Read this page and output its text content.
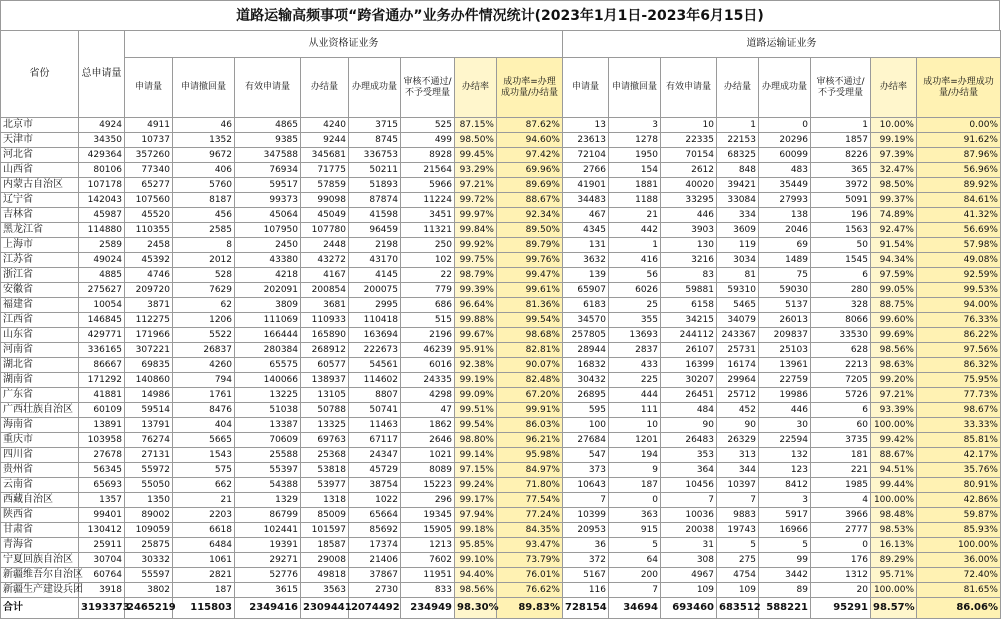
道路运输高频事项“跨省通办”业务办件情况统计(2023年1月1日-2023年6月15日)
省份	总申请量	从业资格证业务								道路运输证业务							
		申请量	申请撤回量	有效申请量	办结量	办理成功量	审核不通过/不予受理量	办结率	成功率=办理成功量/办结量	申请量	申请撤回量	有效申请量	办结量	办理成功量	审核不通过/不予受理量	办结率	成功率=办理成功量/办结量
北京市	4924	4911	46	4865	4240	3715	525	87.15%	87.62%	13	3	10	1	0	1	10.00%	0.00%
天津市	34350	10737	1352	9385	9244	8745	499	98.50%	94.60%	23613	1278	22335	22153	20296	1857	99.19%	91.62%
河北省	429364	357260	9672	347588	345681	336753	8928	99.45%	97.42%	72104	1950	70154	68325	60099	8226	97.39%	87.96%
山西省	80106	77340	406	76934	71775	50211	21564	93.29%	69.96%	2766	154	2612	848	483	365	32.47%	56.96%
内蒙古自治区	107178	65277	5760	59517	57859	51893	5966	97.21%	89.69%	41901	1881	40020	39421	35449	3972	98.50%	89.92%
辽宁省	142043	107560	8187	99373	99098	87874	11224	99.72%	88.67%	34483	1188	33295	33084	27993	5091	99.37%	84.61%
吉林省	45987	45520	456	45064	45049	41598	3451	99.97%	92.34%	467	21	446	334	138	196	74.89%	41.32%
黑龙江省	114880	110355	2585	107950	107780	96459	11321	99.84%	89.50%	4345	442	3903	3609	2046	1563	92.47%	56.69%
上海市	2589	2458	8	2450	2448	2198	250	99.92%	89.79%	131	1	130	119	69	50	91.54%	57.98%
江苏省	49024	45392	2012	43380	43272	43170	102	99.75%	99.76%	3632	416	3216	3034	1489	1545	94.34%	49.08%
浙江省	4885	4746	528	4218	4167	4145	22	98.79%	99.47%	139	56	83	81	75	6	97.59%	92.59%
安徽省	275627	209720	7629	202091	200854	200075	779	99.39%	99.61%	65907	6026	59881	59310	59030	280	99.05%	99.53%
福建省	10054	3871	62	3809	3681	2995	686	96.64%	81.36%	6183	25	6158	5465	5137	328	88.75%	94.00%
江西省	146845	112275	1206	111069	110933	110418	515	99.88%	99.54%	34570	355	34215	34079	26013	8066	99.60%	76.33%
山东省	429771	171966	5522	166444	165890	163694	2196	99.67%	98.68%	257805	13693	244112	243367	209837	33530	99.69%	86.22%
河南省	336165	307221	26837	280384	268912	222673	46239	95.91%	82.81%	28944	2837	26107	25731	25103	628	98.56%	97.56%
湖北省	86667	69835	4260	65575	60577	54561	6016	92.38%	90.07%	16832	433	16399	16174	13961	2213	98.63%	86.32%
湖南省	171292	140860	794	140066	138937	114602	24335	99.19%	82.48%	30432	225	30207	29964	22759	7205	99.20%	75.95%
广东省	41881	14986	1761	13225	13105	8807	4298	99.09%	67.20%	26895	444	26451	25712	19986	5726	97.21%	77.73%
广西壮族自治区	60109	59514	8476	51038	50788	50741	47	99.51%	99.91%	595	111	484	452	446	6	93.39%	98.67%
海南省	13891	13791	404	13387	13325	11463	1862	99.54%	86.03%	100	10	90	90	30	60	100.00%	33.33%
重庆市	103958	76274	5665	70609	69763	67117	2646	98.80%	96.21%	27684	1201	26483	26329	22594	3735	99.42%	85.81%
四川省	27678	27131	1543	25588	25368	24347	1021	99.14%	95.98%	547	194	353	313	132	181	88.67%	42.17%
贵州省	56345	55972	575	55397	53818	45729	8089	97.15%	84.97%	373	9	364	344	123	221	94.51%	35.76%
云南省	65693	55050	662	54388	53977	38754	15223	99.24%	71.80%	10643	187	10456	10397	8412	1985	99.44%	80.91%
西藏自治区	1357	1350	21	1329	1318	1022	296	99.17%	77.54%	7	0	7	7	3	4	100.00%	42.86%
陕西省	99401	89002	2203	86799	85009	65664	19345	97.94%	77.24%	10399	363	10036	9883	5917	3966	98.48%	59.87%
甘肃省	130412	109059	6618	102441	101597	85692	15905	99.18%	84.35%	20953	915	20038	19743	16966	2777	98.53%	85.93%
青海省	25911	25875	6484	19391	18587	17374	1213	95.85%	93.47%	36	5	31	5	5	0	16.13%	100.00%
宁夏回族自治区	30704	30332	1061	29271	29008	21406	7602	99.10%	73.79%	372	64	308	275	99	176	89.29%	36.00%
新疆维吾尔自治区	60764	55597	2821	52776	49818	37867	11951	94.40%	76.01%	5167	200	4967	4754	3442	1312	95.71%	72.40%
新疆生产建设兵团	3918	3802	187	3615	3563	2730	833	98.56%	76.62%	116	7	109	109	89	20	100.00%	81.65%
合计	3193373	2465219	115803	2349416	2309441	2074492	234949	98.30%	89.83%	728154	34694	693460	683512	588221	95291	98.57%	86.06%
